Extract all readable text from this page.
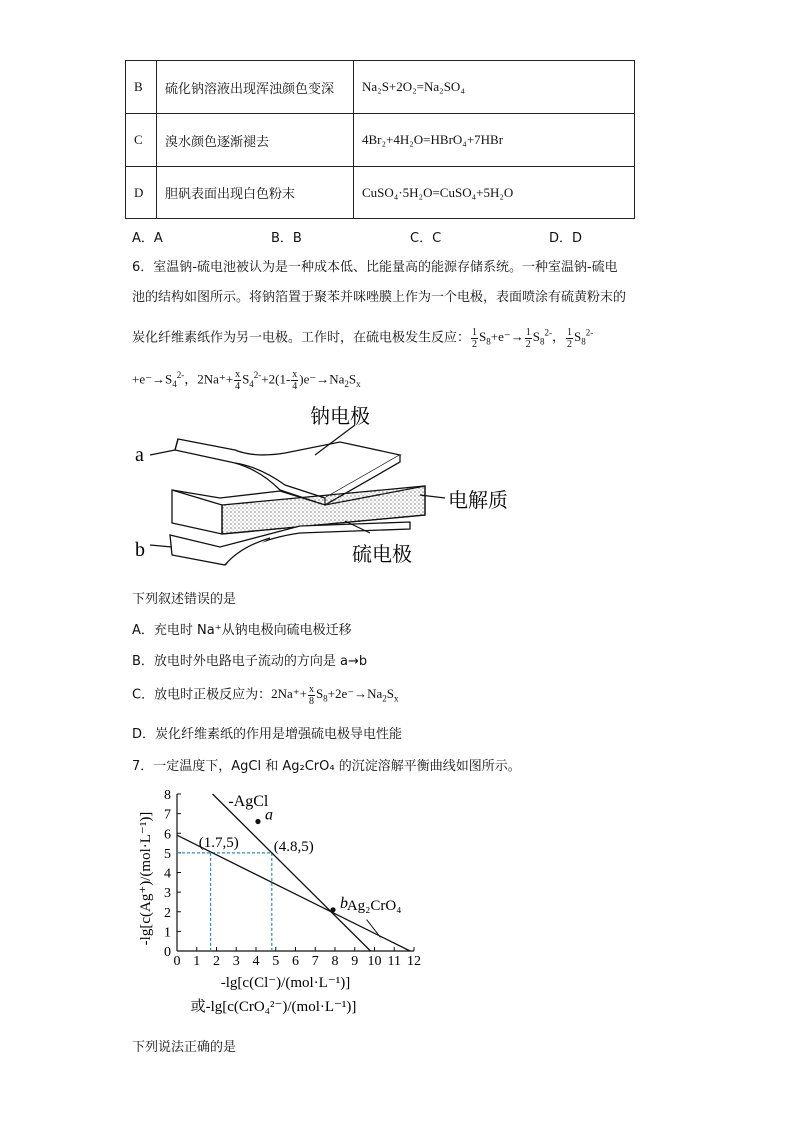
B	硫化钠溶液出现浑浊颜色变深	Na₂S+2O₂=Na₂SO₄
C	溴水颜色逐渐褪去	4Br₂+4H₂O=HBrO₄+7HBr
D	胆矾表面出现白色粉末	CuSO₄·5H₂O=CuSO₄+5H₂O
A．A	B．B	C．C	D．D
6．室温钠-硫电池被认为是一种成本低、比能量高的能源存储系统。一种室温钠-硫电
池的结构如图所示。将钠箔置于聚苯并咪唑膜上作为一个电极，表面喷涂有硫黄粉末的
炭化纤维素纸作为另一电极。工作时，在硫电极发生反应： $\frac{1}{2} S_8+e^-\to \frac{1}{2} S_8^{2-}$， $\frac{1}{2} S_8^{2-}$
$+e^-\to S_4^{2-}$，$2Na^++ \frac{x}{4} S_4^{2-}+2(1- \frac{x}{4} )e^-\to Na_2S_x$
a
b
钠电极
电解质
硫电极
下列叙述错误的是
A．充电时 Na⁺从钠电极向硫电极迁移
B．放电时外电路电子流动的方向是 a→b
C．放电时正极反应为：$2Na^++ \frac{x}{8} S_8+2e^-\to Na_2S_x$
D．炭化纤维素纸的作用是增强硫电极导电性能
7．一定温度下，AgCl 和 Ag₂CrO₄ 的沉淀溶解平衡曲线如图所示。
0 1 2 3 4 5 6 7 8 9 10 11 12
0
1
2
3
4
5
6
7
8
a
b
-AgCl
Ag₂CrO₄
(1.7,5) (4.8,5)
-lg[c(Ag⁺)/(mol·L⁻¹)]
-lg[c(Cl⁻)/(mol·L⁻¹)]
或-lg[c(CrO₄²⁻)/(mol·L⁻¹)]
下列说法正确的是
